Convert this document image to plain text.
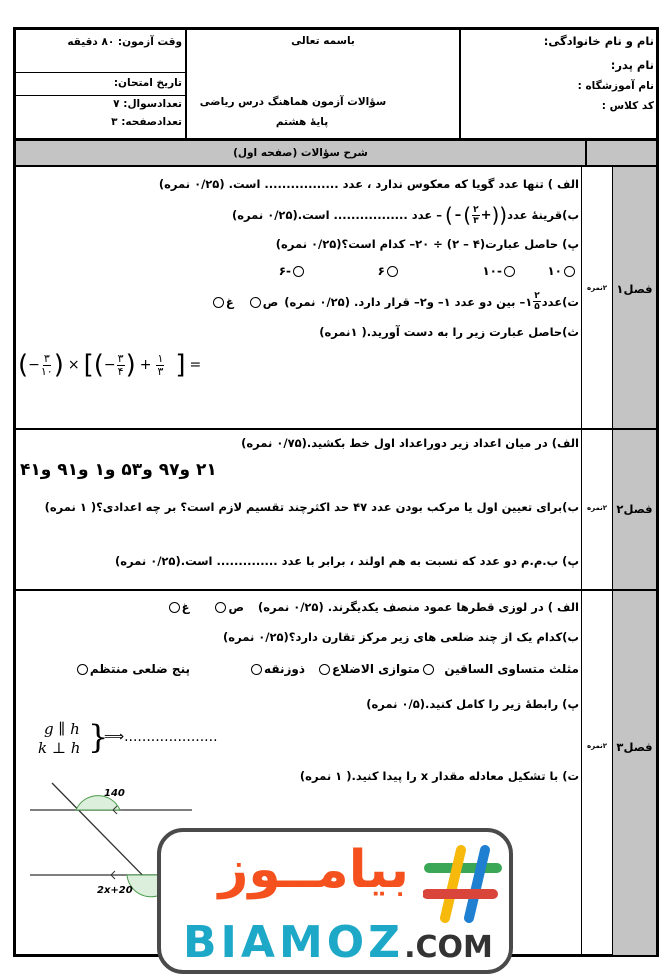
نام و نام خانوادگی:
نام پدر:
نام آموزشگاه :
کد کلاس :
باسمه تعالی
سؤالات آزمون هماهنگ درس ریاضی
پایهٔ هشتم
وقت آزمون: ۸۰ دقیقه
تاریخ امتحان:
تعدادسوال: ۷
تعدادصفحه: ۳
شرح سؤالات (صفحه اول)
فصل۱
۲نمره
فصل۲
۲نمره
فصل۳
۲نمره
الف ) تنها عدد گویا که معکوس ندارد ، عدد ................. است. (۰/۲۵ نمره)
ب)قرینهٔ عدد
(
(
+
$\frac{۲}{۳}$
)
–
)
– عدد ................. است.(۰/۲۵ نمره)
پ) حاصل عبارت(۴ – ۲) ÷ ۲۰– کدام است؟(۰/۲۵ نمره)
۱۰
-۱۰
۶
-۶
ت)عدد
$\frac{۲}{۵}$
۱– بین دو عدد ۱– و۲– قرار دارد. (۰/۲۵ نمره)
ص
غ
ث)حاصل عبارت زیر را به دست آورید.( ۱نمره)
( − $\frac{۳}{۱۰}$ ) × [ ( − $\frac{۳}{۴}$ ) + $\frac{۱}{۳}$ ] =
الف) در میان اعداد زیر دوراعداد اول خط بکشید.(۰/۷۵ نمره)
۲۱ و۹۷ و۵۳ و۱ و۹۱ و۴۱
ب)برای تعیین اول یا مرکب بودن عدد ۴۷ حد اکثرچند تقسیم لازم است؟ بر چه اعدادی؟( ۱ نمره)
پ) ب.م.م دو عدد که نسبت به هم اولند ، برابر با عدد .............. است.(۰/۲۵ نمره)
الف ) در لوزی قطرها عمود منصف یکدیگرند. (۰/۲۵ نمره)
ص
غ
ب)کدام یک از چند ضلعی های زیر مرکز تقارن دارد؟(۰/۲۵ نمره)
مثلث متساوی الساقین
متوازی الاضلاع
ذوزنقه
پنج ضلعی منتظم
پ) رابطهٔ زیر را کامل کنید.(۰/۵ نمره)
g ∥ h
k ⊥ h }
⟹.....................
ت) با تشکیل معادله مقدار x را پیدا کنید.( ۱ نمره)
140
2x+20 بیامــوز
BIAMOZ.COM
